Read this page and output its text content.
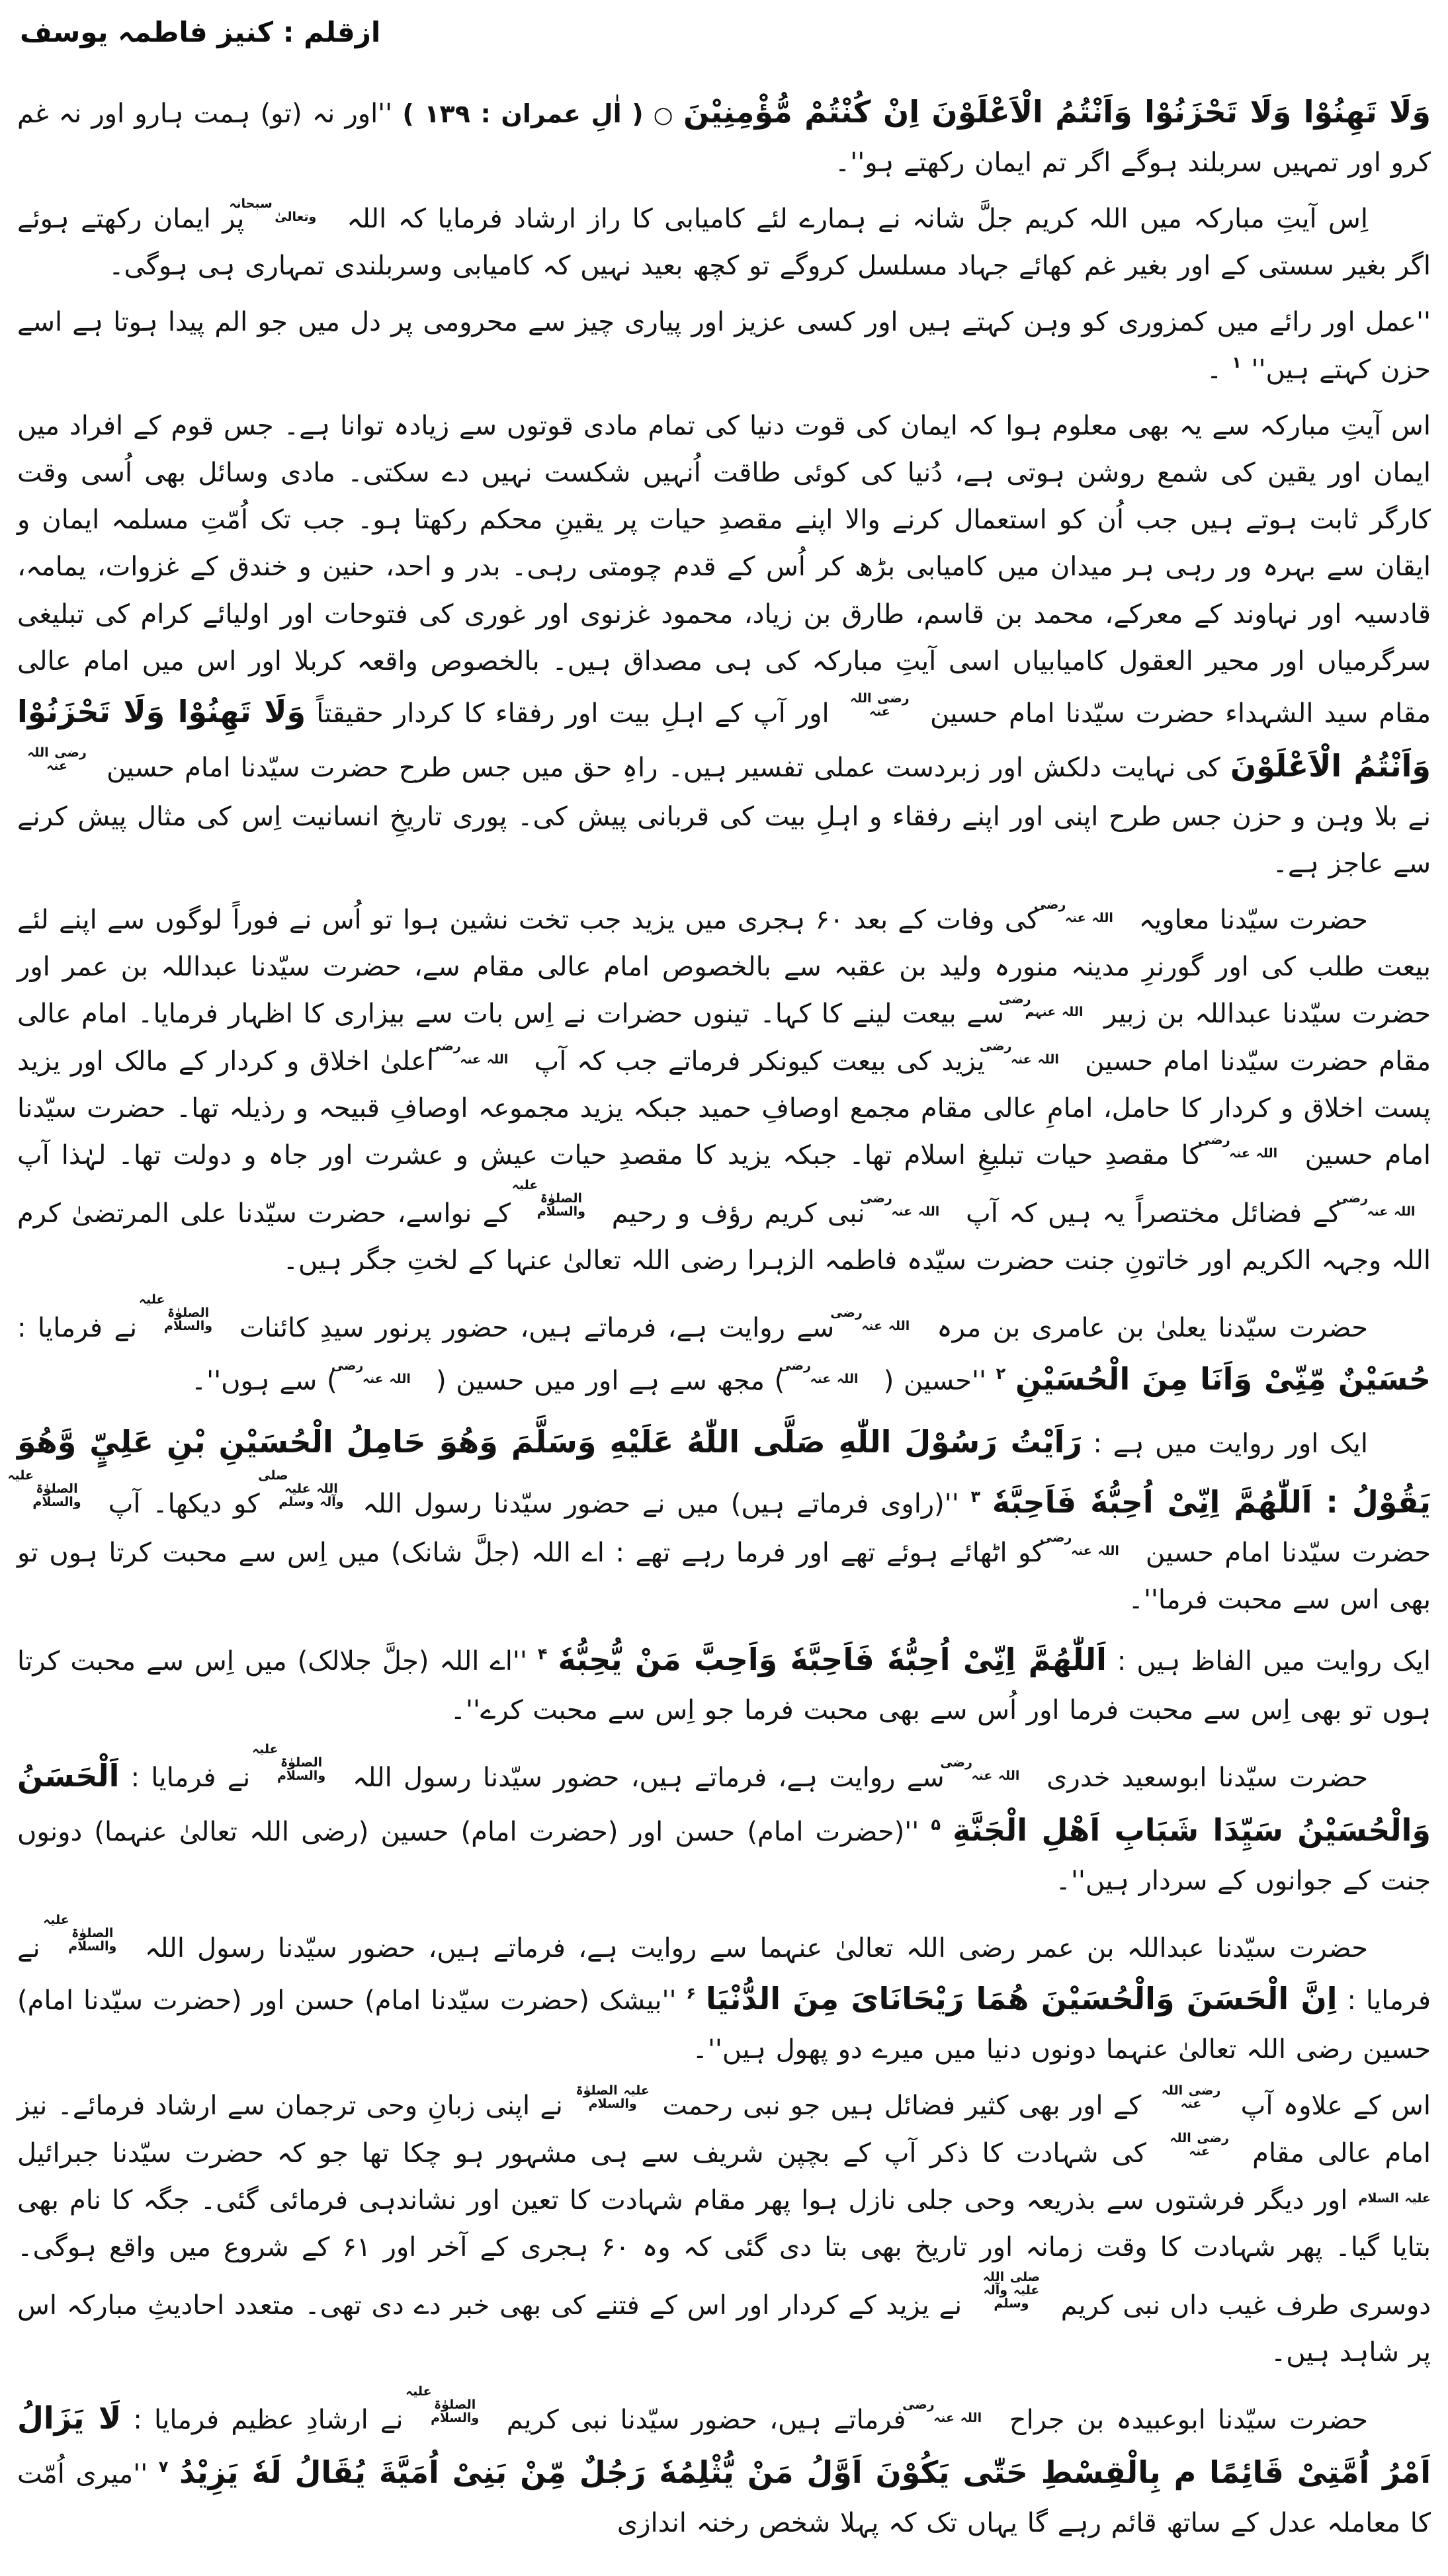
ازقلم : کنیز فاطمہ یوسف

وَلَا تَهِنُوْا وَلَا تَحْزَنُوْا وَاَنْتُمُ الْاَعْلَوْنَ اِنْ كُنْتُمْ مُّؤْمِنِيْنَ ○ ( اٰلِ عمران : ۱۳۹ ) ''اور نہ (تو) ہمت ہارو اور نہ غم کرو اور تمہیں سربلند ہوگے اگر تم ایمان رکھتے ہو''۔

اِس آیتِ مبارکہ میں اللہ کریم جلَّ شانہ نے ہمارے لئے کامیابی کا راز ارشاد فرمایا کہ اللہ سبحانہ وتعالیٰ پر ایمان رکھتے ہوئے اگر بغیر سستی کے اور بغیر غم کھائے جہاد مسلسل کروگے تو کچھ بعید نہیں کہ کامیابی وسربلندی تمہاری ہی ہوگی۔

''عمل اور رائے میں کمزوری کو وہن کہتے ہیں اور کسی عزیز اور پیاری چیز سے محرومی پر دل میں جو الم پیدا ہوتا ہے اسے حزن کہتے ہیں'' $^۱$ ۔

اس آیتِ مبارکہ سے یہ بھی معلوم ہوا کہ ایمان کی قوت دنیا کی تمام مادی قوتوں سے زیادہ توانا ہے۔ جس قوم کے افراد میں ایمان اور یقین کی شمع روشن ہوتی ہے، دُنیا کی کوئی طاقت اُنہیں شکست نہیں دے سکتی۔ مادی وسائل بھی اُسی وقت کارگر ثابت ہوتے ہیں جب اُن کو استعمال کرنے والا اپنے مقصدِ حیات پر یقینِ محکم رکھتا ہو۔ جب تک اُمّتِ مسلمہ ایمان و ایقان سے بہرہ ور رہی ہر میدان میں کامیابی بڑھ کر اُس کے قدم چومتی رہی۔ بدر و احد، حنین و خندق کے غزوات، یمامہ، قادسیہ اور نہاوند کے معرکے، محمد بن قاسم، طارق بن زیاد، محمود غزنوی اور غوری کی فتوحات اور اولیائے کرام کی تبلیغی سرگرمیاں اور محیر العقول کامیابیاں اسی آیتِ مبارکہ کی ہی مصداق ہیں۔ بالخصوص واقعہ کربلا اور اس میں امام عالی مقام سید الشہداء حضرت سیّدنا امام حسین رضی اللہ عنہ اور آپ کے اہلِ بیت اور رفقاء کا کردار حقیقتاً وَلَا تَهِنُوْا وَلَا تَحْزَنُوْا وَاَنْتُمُ الْاَعْلَوْنَ کی نہایت دلکش اور زبردست عملی تفسیر ہیں۔ راہِ حق میں جس طرح حضرت سیّدنا امام حسین رضی اللہ عنہ نے بلا وہن و حزن جس طرح اپنی اور اپنے رفقاء و اہلِ بیت کی قربانی پیش کی۔ پوری تاریخِ انسانیت اِس کی مثال پیش کرنے سے عاجز ہے۔

حضرت سیّدنا معاویہ رضی اللہ عنہ کی وفات کے بعد ۶۰ ہجری میں یزید جب تخت نشین ہوا تو اُس نے فوراً لوگوں سے اپنے لئے بیعت طلب کی اور گورنرِ مدینہ منورہ ولید بن عقبہ سے بالخصوص امام عالی مقام سے، حضرت سیّدنا عبداللہ بن عمر اور حضرت سیّدنا عبداللہ بن زبیر رضی اللہ عنہم سے بیعت لینے کا کہا۔ تینوں حضرات نے اِس بات سے بیزاری کا اظہار فرمایا۔ امام عالی مقام حضرت سیّدنا امام حسین رضی اللہ عنہ یزید کی بیعت کیونکر فرماتے جب کہ آپ رضی اللہ عنہ اعلیٰ اخلاق و کردار کے مالک اور یزید پست اخلاق و کردار کا حامل، امامِ عالی مقام مجمع اوصافِ حمید جبکہ یزید مجموعہ اوصافِ قبیحہ و رذیلہ تھا۔ حضرت سیّدنا امام حسین رضی اللہ عنہ کا مقصدِ حیات تبلیغِ اسلام تھا۔ جبکہ یزید کا مقصدِ حیات عیش و عشرت اور جاہ و دولت تھا۔ لہٰذا آپ رضی اللہ عنہ کے فضائل مختصراً یہ ہیں کہ آپ رضی اللہ عنہ نبی کریم رؤف و رحیم علیہ الصلوٰۃ والسلام کے نواسے، حضرت سیّدنا علی المرتضیٰ کرم اللہ وجہہ الکریم اور خاتونِ جنت حضرت سیّدہ فاطمہ الزہرا رضی اللہ تعالیٰ عنہا کے لختِ جگر ہیں۔

حضرت سیّدنا یعلیٰ بن عامری بن مرہ رضی اللہ عنہ سے روایت ہے، فرماتے ہیں، حضور پرنور سیدِ کائنات علیہ الصلوٰۃ والسلام نے فرمایا : حُسَيْنٌ مِّنِّىْ وَاَنَا مِنَ الْحُسَيْنِ $^۲$ ''حسین ( رضی اللہ عنہ ) مجھ سے ہے اور میں حسین ( رضی اللہ عنہ ) سے ہوں''۔

ایک اور روایت میں ہے : رَاَيْتُ رَسُوْلَ اللّٰهِ صَلَّى اللّٰهُ عَلَيْهِ وَسَلَّمَ وَهُوَ حَامِلُ الْحُسَيْنِ بْنِ عَلِيٍّ وَّهُوَ يَقُوْلُ : اَللّٰهُمَّ اِنِّىْ اُحِبُّهٗ فَاَحِبَّهٗ $^۳$ ''(راوی فرماتے ہیں) میں نے حضور سیّدنا رسول اللہ صلی اللہ علیہ وآلہ وسلم کو دیکھا۔ آپ علیہ الصلوٰۃ والسلام حضرت سیّدنا امام حسین رضی اللہ عنہ کو اٹھائے ہوئے تھے اور فرما رہے تھے : اے اللہ (جلَّ شانک) میں اِس سے محبت کرتا ہوں تو بھی اس سے محبت فرما''۔

ایک روایت میں الفاظ ہیں : اَللّٰهُمَّ اِنِّىْ اُحِبُّهٗ فَاَحِبَّهٗ وَاَحِبَّ مَنْ يُّحِبُّهٗ $^۴$ ''اے اللہ (جلَّ جلالک) میں اِس سے محبت کرتا ہوں تو بھی اِس سے محبت فرما اور اُس سے بھی محبت فرما جو اِس سے محبت کرے''۔

حضرت سیّدنا ابوسعید خدری رضی اللہ عنہ سے روایت ہے، فرماتے ہیں، حضور سیّدنا رسول اللہ علیہ الصلوٰۃ والسلام نے فرمایا : اَلْحَسَنُ وَالْحُسَيْنُ سَيِّدَا شَبَابِ اَهْلِ الْجَنَّةِ $^۵$ ''(حضرت امام) حسن اور (حضرت امام) حسین (رضی اللہ تعالیٰ عنہما) دونوں جنت کے جوانوں کے سردار ہیں''۔

حضرت سیّدنا عبداللہ بن عمر رضی اللہ تعالیٰ عنہما سے روایت ہے، فرماتے ہیں، حضور سیّدنا رسول اللہ علیہ الصلوٰۃ والسلام نے فرمایا : اِنَّ الْحَسَنَ وَالْحُسَيْنَ هُمَا رَيْحَانَاىَ مِنَ الدُّنْيَا $^۶$ ''بیشک (حضرت سیّدنا امام) حسن اور (حضرت سیّدنا امام) حسین رضی اللہ تعالیٰ عنہما دونوں دنیا میں میرے دو پھول ہیں''۔

اس کے علاوہ آپ رضی اللہ عنہ کے اور بھی کثیر فضائل ہیں جو نبی رحمت علیہ الصلوٰۃ والسلام نے اپنی زبانِ وحی ترجمان سے ارشاد فرمائے۔ نیز امام عالی مقام رضی اللہ عنہ کی شہادت کا ذکر آپ کے بچپن شریف سے ہی مشہور ہو چکا تھا جو کہ حضرت سیّدنا جبرائیل علیہ السلام اور دیگر فرشتوں سے بذریعہ وحی جلی نازل ہوا پھر مقام شہادت کا تعین اور نشاندہی فرمائی گئی۔ جگہ کا نام بھی بتایا گیا۔ پھر شہادت کا وقت زمانہ اور تاریخ بھی بتا دی گئی کہ وہ ۶۰ ہجری کے آخر اور ۶۱ کے شروع میں واقع ہوگی۔ دوسری طرف غیب داں نبی کریم صلی اللہ علیہ وآلہ وسلم نے یزید کے کردار اور اس کے فتنے کی بھی خبر دے دی تھی۔ متعدد احادیثِ مبارکہ اس پر شاہد ہیں۔

حضرت سیّدنا ابوعبیدہ بن جراح رضی اللہ عنہ فرماتے ہیں، حضور سیّدنا نبی کریم علیہ الصلوٰۃ والسلام نے ارشادِ عظیم فرمایا : لَا يَزَالُ اَمْرُ اُمَّتِىْ قَائِمًا م بِالْقِسْطِ حَتّٰى يَكُوْنَ اَوَّلُ مَنْ يُّثْلِمُهٗ رَجُلٌ مِّنْ بَنِىْ اُمَيَّةَ يُقَالُ لَهٗ يَزِيْدُ $^۷$ ''میری اُمّت کا معاملہ عدل کے ساتھ قائم رہے گا یہاں تک کہ پہلا شخص رخنہ اندازی
